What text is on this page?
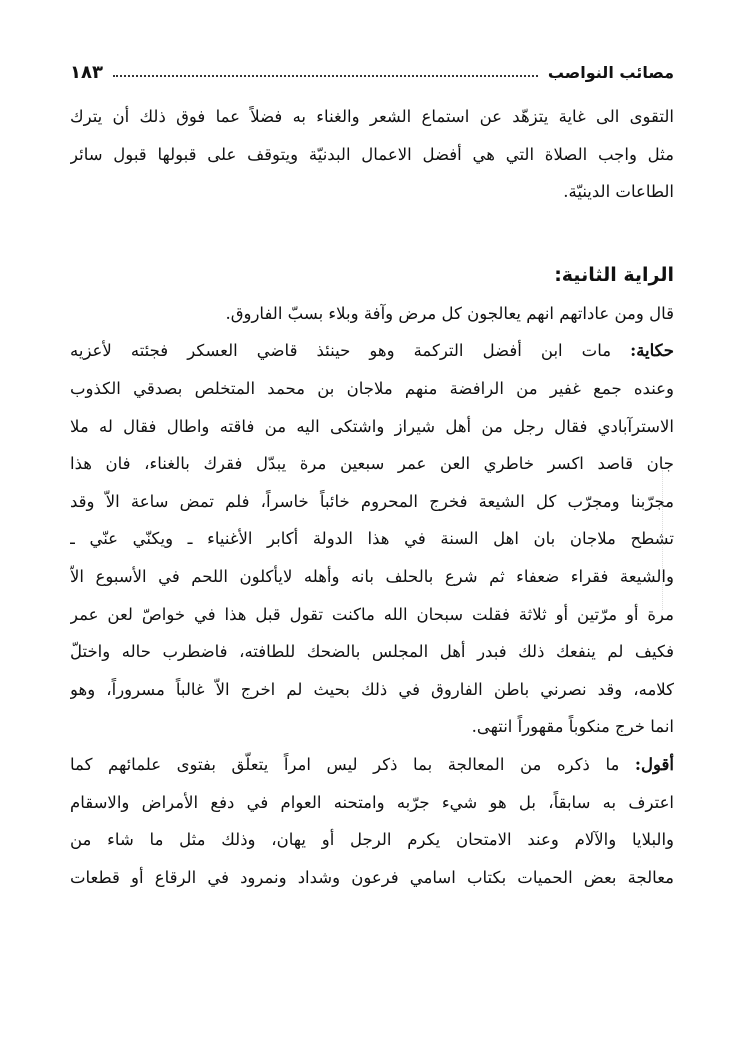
مصائب النواصب
١٨٣
التقوى الى غاية يتزهّد عن استماع الشعر والغناء به فضلاً عما فوق ذلك أن يترك
مثل واجب الصلاة التي هي أفضل الاعمال البدنيّة ويتوقف على قبولها قبول سائر
الطاعات الدينيّة.
الراية الثانية:
قال ومن عاداتهم انهم يعالجون كل مرض وآفة وبلاء بسبّ الفاروق.
حكاية: مات ابن أفضل التركمة وهو حينئذ قاضي العسكر فجئته لأعزيه
وعنده جمع غفير من الرافضة منهم ملاجان بن محمد المتخلص بصدقي الكذوب
الاسترآبادي فقال رجل من أهل شيراز واشتكى اليه من فاقته واطال فقال له ملا
جان قاصد اكسر خاطري العن عمر سبعين مرة يبدّل فقرك بالغناء، فان هذا
مجرّبنا ومجرّب كل الشيعة فخرج المحروم خائباً خاسراً، فلم تمض ساعة الاّ وقد
تشطح ملاجان بان اهل السنة في هذا الدولة أكابر الأغنياء ـ ويكنّي عنّي ـ
والشيعة فقراء ضعفاء ثم شرع بالحلف بانه وأهله لايأكلون اللحم في الأسبوع الاّ
مرة أو مرّتين أو ثلاثة فقلت سبحان الله ماكنت تقول قبل هذا في خواصّ لعن عمر
فكيف لم ينفعك ذلك فبدر أهل المجلس بالضحك للطافته، فاضطرب حاله واختلّ
كلامه، وقد نصرني باطن الفاروق في ذلك بحيث لم اخرج الاّ غالباً مسروراً، وهو
انما خرج منكوباً مقهوراً انتهى.
أقول: ما ذكره من المعالجة بما ذكر ليس امراً يتعلّق بفتوى علمائهم كما
اعترف به سابقاً، بل هو شيء جرّبه وامتحنه العوام في دفع الأمراض والاسقام
والبلايا والآلام وعند الامتحان يكرم الرجل أو يهان، وذلك مثل ما شاء من
معالجة بعض الحميات بكتاب اسامي فرعون وشداد ونمرود في الرقاع أو قطعات
